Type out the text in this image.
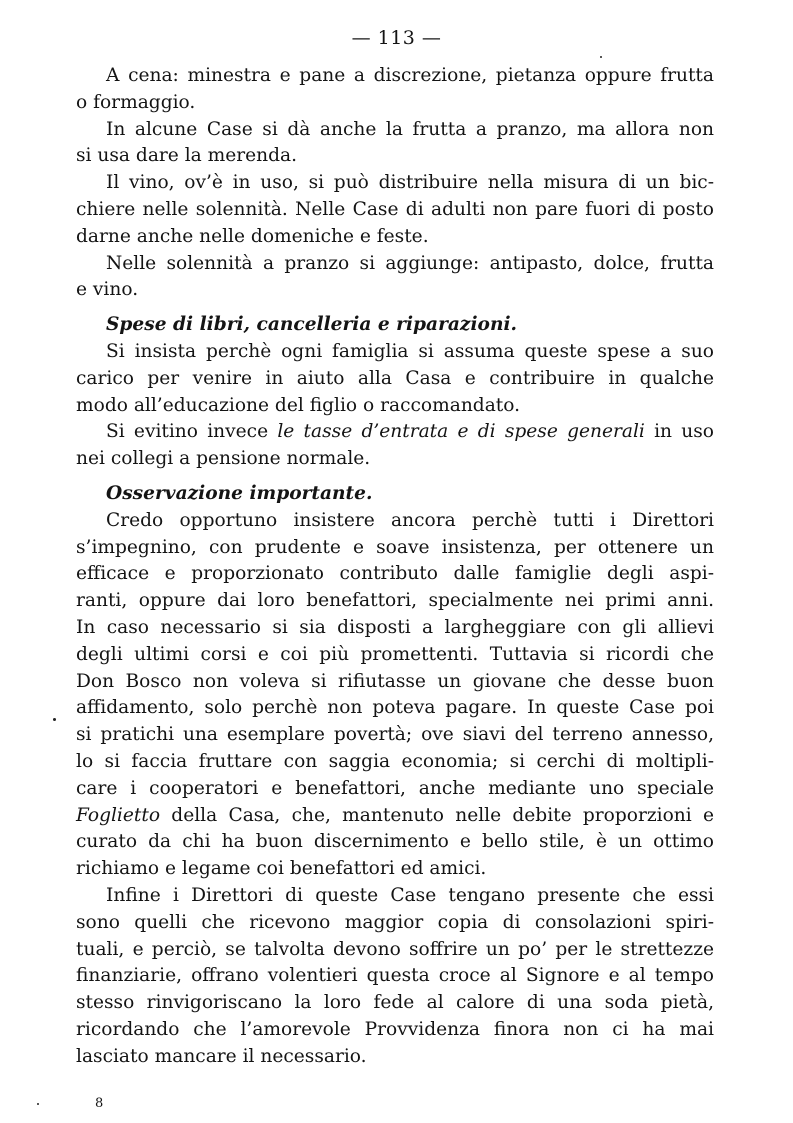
— 113 —
A cena: minestra e pane a discrezione, pietanza oppure frutta
o formaggio.
In alcune Case si dà anche la frutta a pranzo, ma allora non
si usa dare la merenda.
Il vino, ov’è in uso, si può distribuire nella misura di un bic-
chiere nelle solennità. Nelle Case di adulti non pare fuori di posto
darne anche nelle domeniche e feste.
Nelle solennità a pranzo si aggiunge: antipasto, dolce, frutta
e vino.
Spese di libri, cancelleria e riparazioni.
Si insista perchè ogni famiglia si assuma queste spese a suo
carico per venire in aiuto alla Casa e contribuire in qualche
modo all’educazione del figlio o raccomandato.
Si evitino invece le tasse d’entrata e di spese generali in uso
nei collegi a pensione normale.
Osservazione importante.
Credo opportuno insistere ancora perchè tutti i Direttori
s’impegnino, con prudente e soave insistenza, per ottenere un
efficace e proporzionato contributo dalle famiglie degli aspi-
ranti, oppure dai loro benefattori, specialmente nei primi anni.
In caso necessario si sia disposti a largheggiare con gli allievi
degli ultimi corsi e coi più promettenti. Tuttavia si ricordi che
Don Bosco non voleva si rifiutasse un giovane che desse buon
affidamento, solo perchè non poteva pagare. In queste Case poi
si pratichi una esemplare povertà; ove siavi del terreno annesso,
lo si faccia fruttare con saggia economia; si cerchi di moltipli-
care i cooperatori e benefattori, anche mediante uno speciale
Foglietto della Casa, che, mantenuto nelle debite proporzioni e
curato da chi ha buon discernimento e bello stile, è un ottimo
richiamo e legame coi benefattori ed amici.
Infine i Direttori di queste Case tengano presente che essi
sono quelli che ricevono maggior copia di consolazioni spiri-
tuali, e perciò, se talvolta devono soffrire un po’ per le strettezze
finanziarie, offrano volentieri questa croce al Signore e al tempo
stesso rinvigoriscano la loro fede al calore di una soda pietà,
ricordando che l’amorevole Provvidenza finora non ci ha mai
lasciato mancare il necessario.
8
